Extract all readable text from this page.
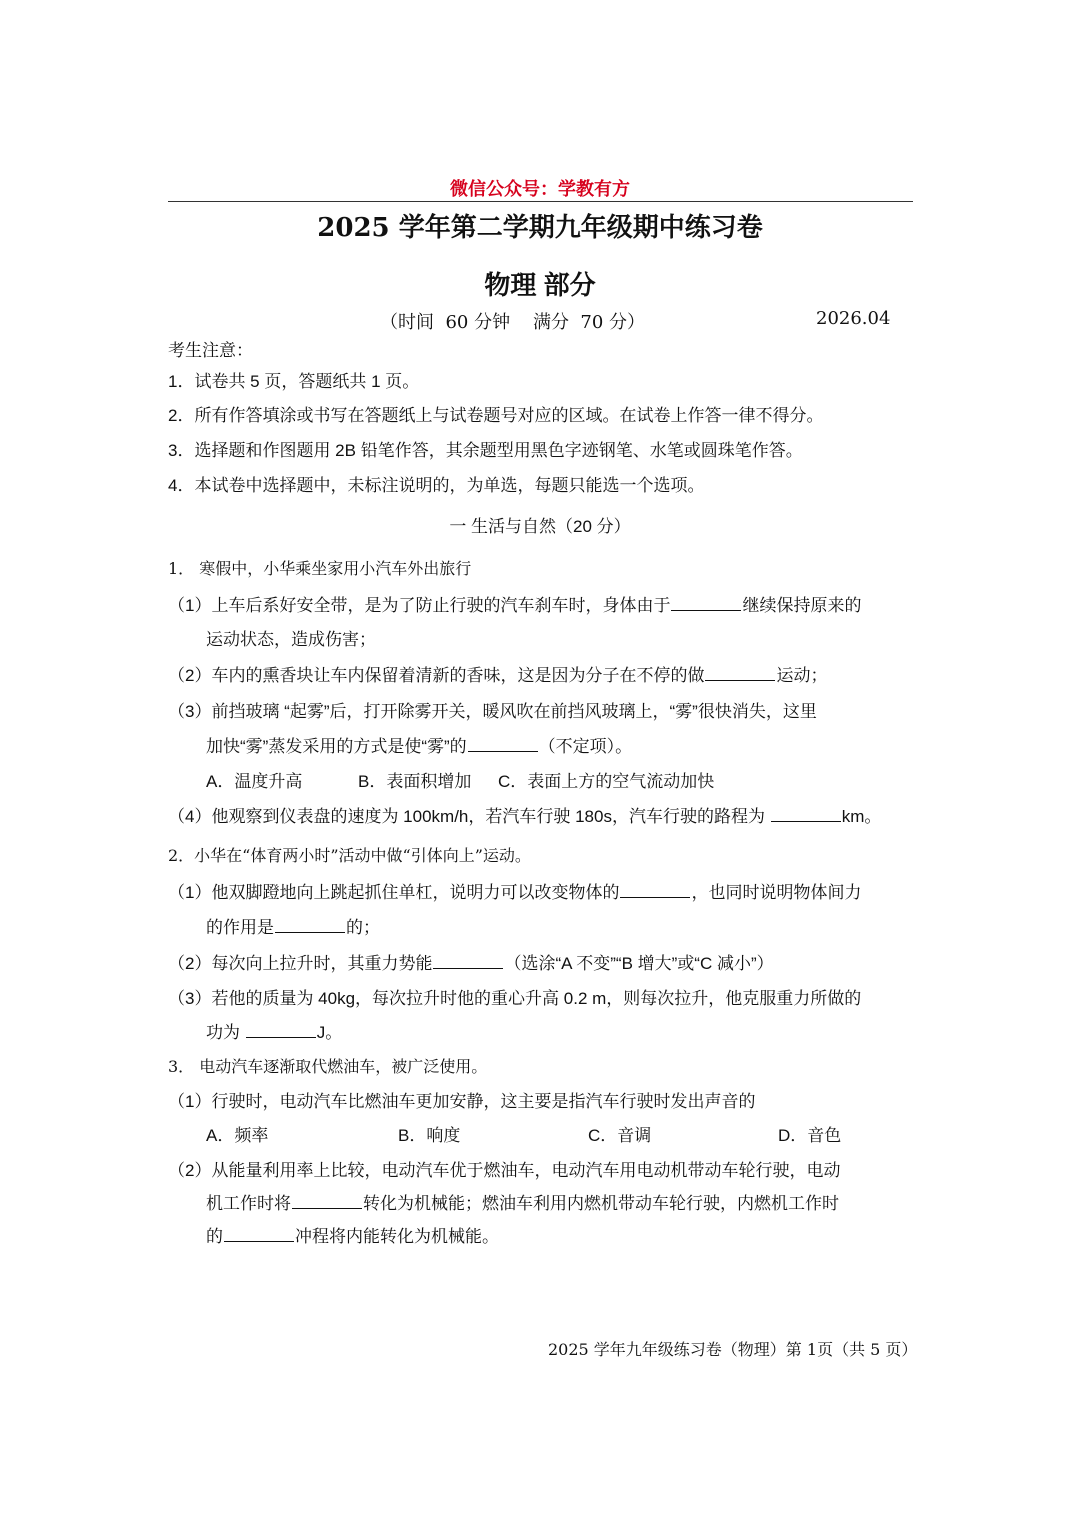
微信公众号：学教有方
2025 学年第二学期九年级期中练习卷
物理 部分
（时间  60 分钟    满分  70 分）	2026.04
考生注意：
1．试卷共 5 页，答题纸共 1 页。
2．所有作答填涂或书写在答题纸上与试卷题号对应的区域。在试卷上作答一律不得分。
3．选择题和作图题用 2B 铅笔作答，其余题型用黑色字迹钢笔、水笔或圆珠笔作答。
4．本试卷中选择题中，未标注说明的，为单选，每题只能选一个选项。
一 生活与自然（20 分）
1． 寒假中，小华乘坐家用小汽车外出旅行
（1）上车后系好安全带，是为了防止行驶的汽车刹车时，身体由于	继续保持原来的
运动状态，造成伤害；
（2）车内的熏香块让车内保留着清新的香味，这是因为分子在不停的做	运动；
（3）前挡玻璃 “起雾”后，打开除雾开关，暖风吹在前挡风玻璃上，“雾”很快消失，这里
加快“雾”蒸发采用的方式是使“雾”的	（不定项）。
A．温度升高	B．表面积增加 C．表面上方的空气流动加快
（4）他观察到仪表盘的速度为 100km/h，若汽车行驶 180s，汽车行驶的路程为	km。
2．小华在“体育两小时”活动中做“引体向上”运动。
（1）他双脚蹬地向上跳起抓住单杠，说明力可以改变物体的	，也同时说明物体间力
的作用是	的；
（2）每次向上拉升时，其重力势能	（选涂“A 不变”“B 增大”或“C 减小”）
（3）若他的质量为 40kg，每次拉升时他的重心升高 0.2 m，则每次拉升，他克服重力所做的
功为	J。
3． 电动汽车逐渐取代燃油车，被广泛使用。
（1）行驶时，电动汽车比燃油车更加安静，这主要是指汽车行驶时发出声音的
A．频率	B．响度	C．音调	D．音色
（2）从能量利用率上比较，电动汽车优于燃油车，电动汽车用电动机带动车轮行驶，电动
机工作时将	转化为机械能；燃油车利用内燃机带动车轮行驶，内燃机工作时
的	冲程将内能转化为机械能。
2025 学年九年级练习卷（物理）第 1页（共 5 页）
